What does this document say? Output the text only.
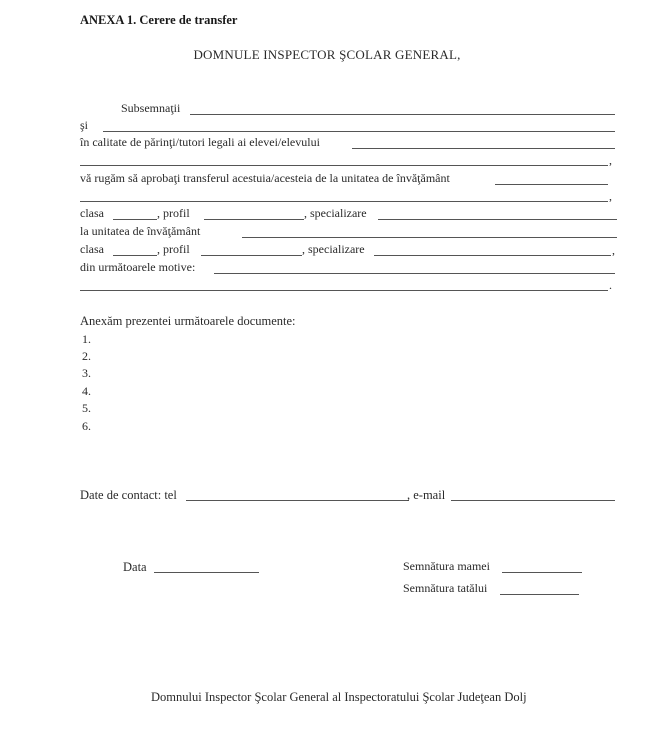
ANEXA 1. Cerere de transfer
DOMNULE INSPECTOR ŞCOLAR GENERAL,
Subsemnaţii
şi
în calitate de părinţi/tutori legali ai elevei/elevului
,
vă rugăm să aprobaţi transferul acestuia/acesteia de la unitatea de învăţământ
,
clasa	, profil	, specializare
la unitatea de învăţământ
clasa	, profil	, specializare	,
din următoarele motive:
.
Anexăm prezentei următoarele documente:
1.
2.
3.
4.
5.
6.
Date de contact: tel	, e-mail
Data	Semnătura mamei
Semnătura tatălui
Domnului Inspector Şcolar General al Inspectoratului Şcolar Judeţean Dolj
